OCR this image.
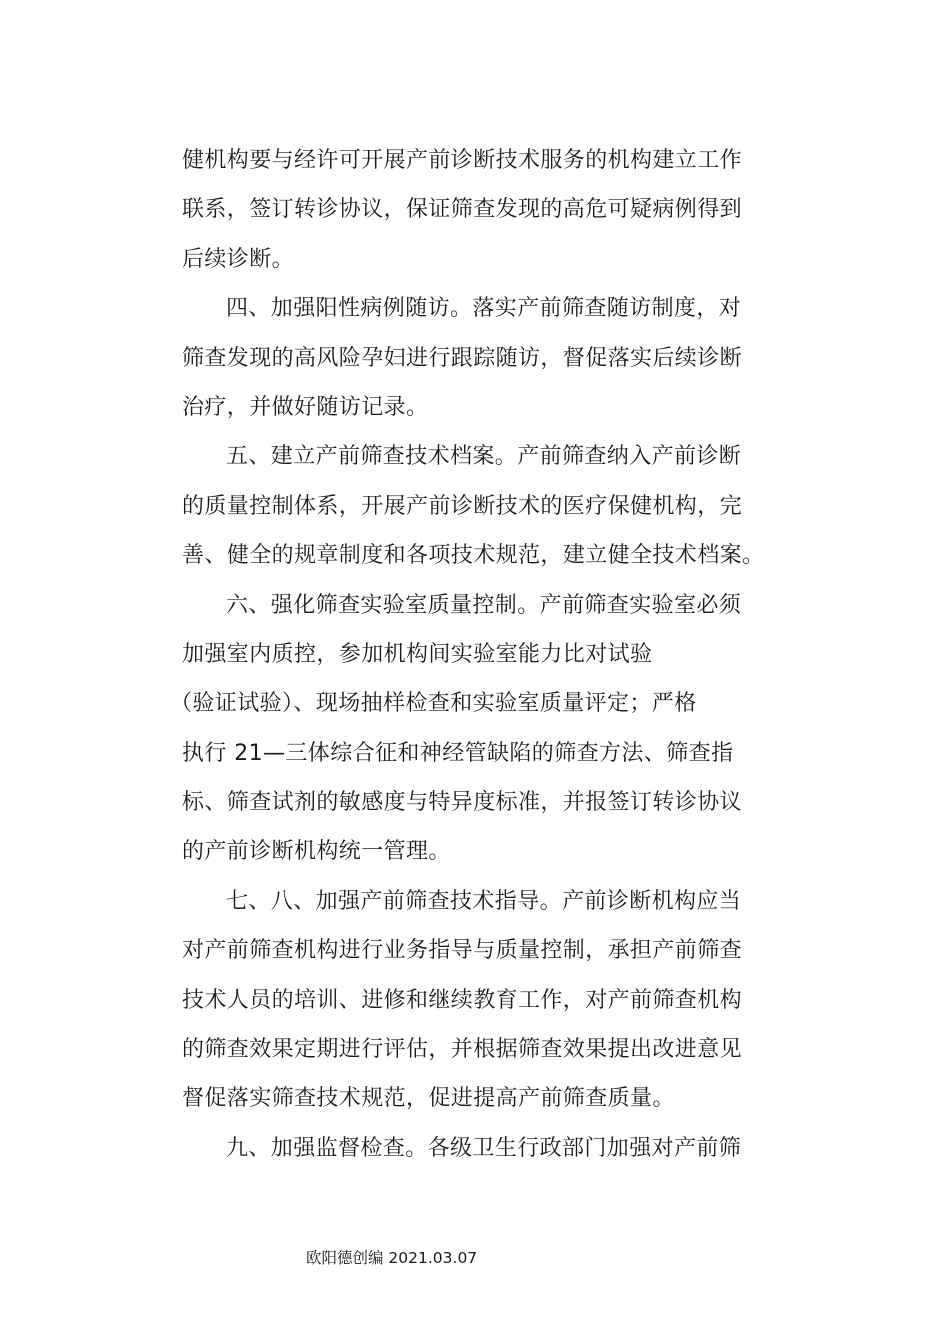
健机构要与经许可开展产前诊断技术服务的机构建立工作
联系，签订转诊协议，保证筛查发现的高危可疑病例得到
后续诊断。
四、加强阳性病例随访。落实产前筛查随访制度，对
筛查发现的高风险孕妇进行跟踪随访，督促落实后续诊断
治疗，并做好随访记录。
五、建立产前筛查技术档案。产前筛查纳入产前诊断
的质量控制体系，开展产前诊断技术的医疗保健机构，完
善、健全的规章制度和各项技术规范，建立健全技术档案。
六、强化筛查实验室质量控制。产前筛查实验室必须
加强室内质控，参加机构间实验室能力比对试验
（验证试验）、现场抽样检查和实验室质量评定；严格
执行 21—三体综合征和神经管缺陷的筛查方法、筛查指
标、筛查试剂的敏感度与特异度标准，并报签订转诊协议
的产前诊断机构统一管理。
七、八、加强产前筛查技术指导。产前诊断机构应当
对产前筛查机构进行业务指导与质量控制，承担产前筛查
技术人员的培训、进修和继续教育工作，对产前筛查机构
的筛查效果定期进行评估，并根据筛查效果提出改进意见
督促落实筛查技术规范，促进提高产前筛查质量。
九、加强监督检查。各级卫生行政部门加强对产前筛
欧阳德创编 2021.03.07
